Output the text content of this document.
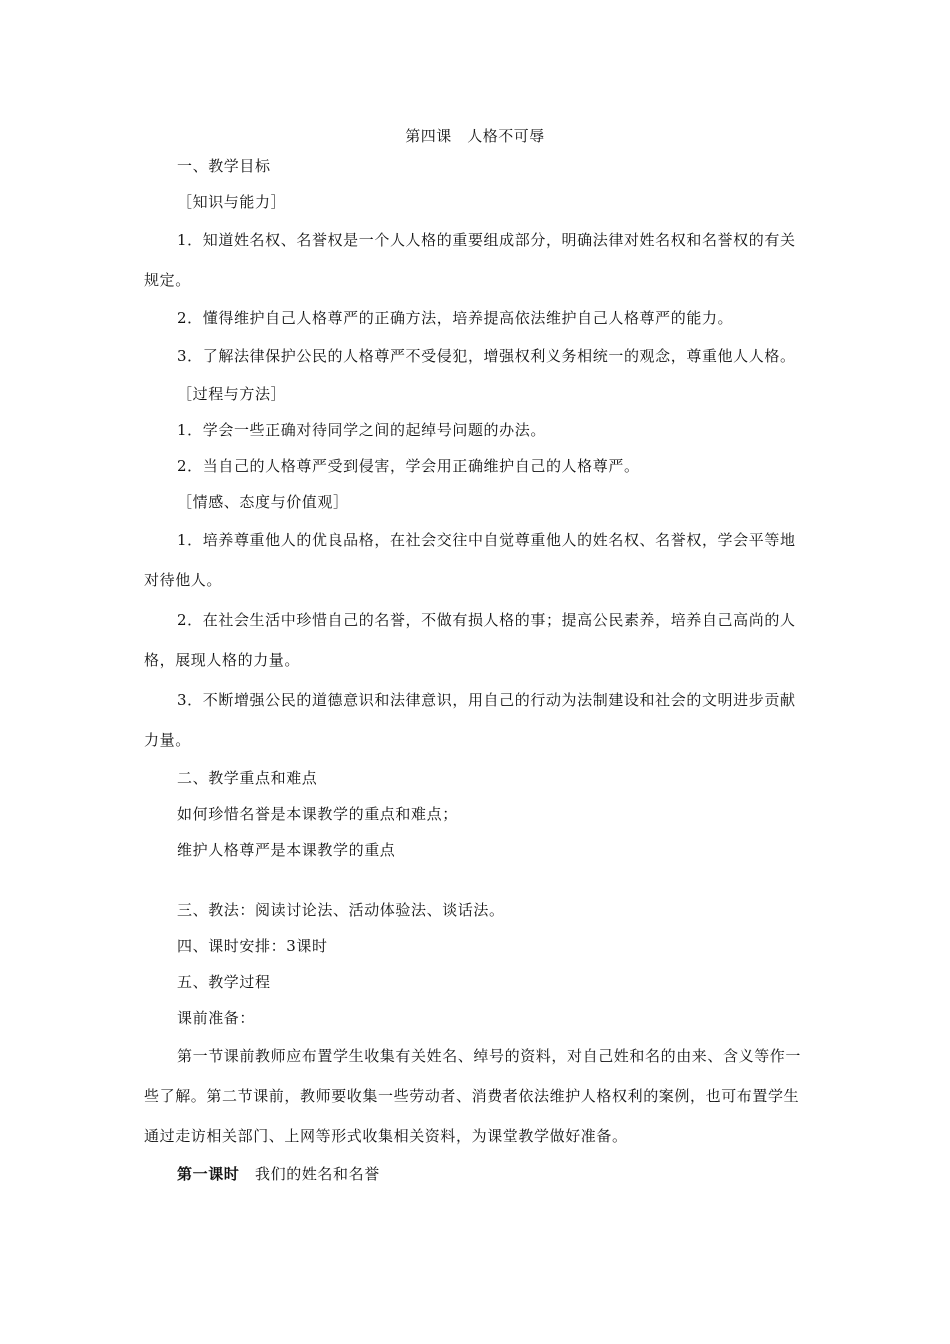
第四课　人格不可辱

一、教学目标

［知识与能力］

1．知道姓名权、名誉权是一个人人格的重要组成部分，明确法律对姓名权和名誉权的有关规定。

2．懂得维护自己人格尊严的正确方法，培养提高依法维护自己人格尊严的能力。

3．了解法律保护公民的人格尊严不受侵犯，增强权利义务相统一的观念，尊重他人人格。

［过程与方法］

1．学会一些正确对待同学之间的起绰号问题的办法。

2．当自己的人格尊严受到侵害，学会用正确维护自己的人格尊严。

［情感、态度与价值观］

1．培养尊重他人的优良品格，在社会交往中自觉尊重他人的姓名权、名誉权，学会平等地对待他人。

2．在社会生活中珍惜自己的名誉，不做有损人格的事；提高公民素养，培养自己高尚的人格，展现人格的力量。

3．不断增强公民的道德意识和法律意识，用自己的行动为法制建设和社会的文明进步贡献力量。

二、教学重点和难点

如何珍惜名誉是本课教学的重点和难点；

维护人格尊严是本课教学的重点

三、教法：阅读讨论法、活动体验法、谈话法。

四、课时安排：3课时

五、教学过程

课前准备：

第一节课前教师应布置学生收集有关姓名、绰号的资料，对自己姓和名的由来、含义等作一些了解。第二节课前，教师要收集一些劳动者、消费者依法维护人格权利的案例，也可布置学生通过走访相关部门、上网等形式收集相关资料，为课堂教学做好准备。

第一课时　 我们的姓名和名誉
